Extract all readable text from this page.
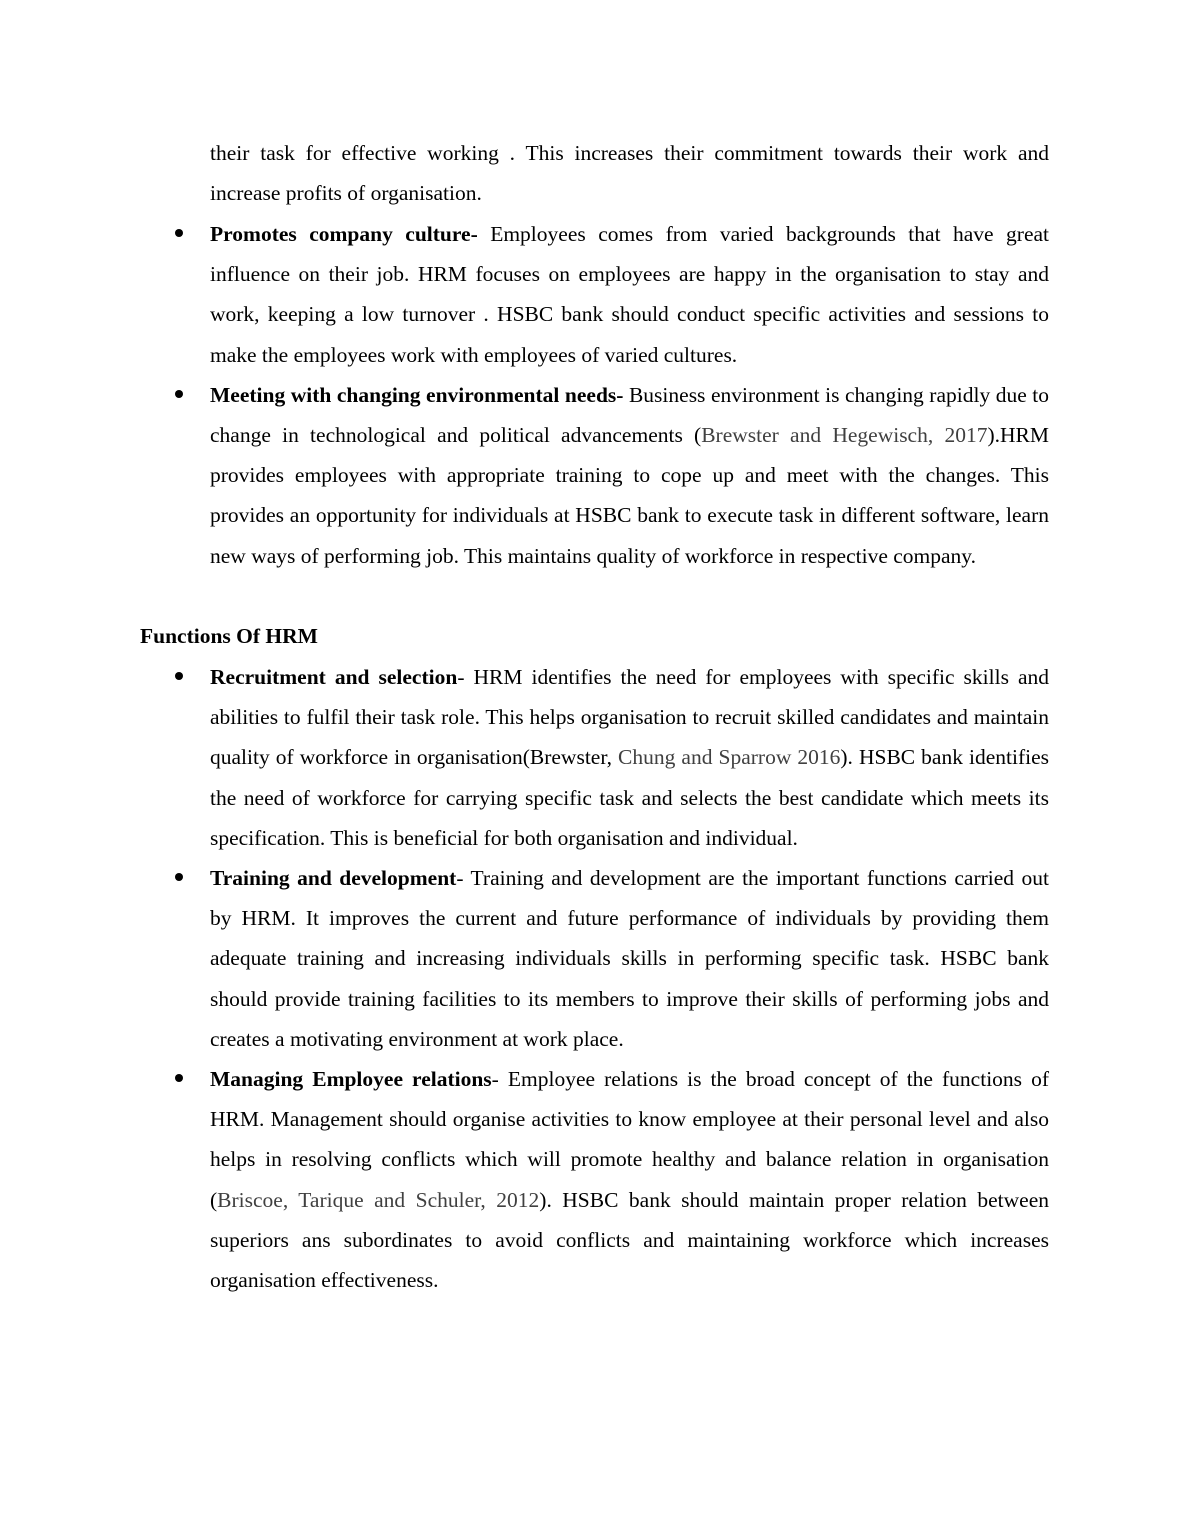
their task for effective working . This increases their commitment towards their work and increase profits of organisation.

Promotes company culture- Employees comes from varied backgrounds that have great influence on their job. HRM focuses on employees are happy in the organisation to stay and work, keeping a low turnover . HSBC bank should conduct specific activities and sessions to make the employees work with employees of varied cultures.
Meeting with changing environmental needs- Business environment is changing rapidly due to change in technological and political advancements (Brewster and Hegewisch, 2017).HRM provides employees with appropriate training to cope up and meet with the changes. This provides an opportunity for individuals at HSBC bank to execute task in different software, learn new ways of performing job. This maintains quality of workforce in respective company.
Functions Of HRM
Recruitment and selection- HRM identifies the need for employees with specific skills and abilities to fulfil their task role. This helps organisation to recruit skilled candidates and maintain quality of workforce in organisation(Brewster, Chung and Sparrow 2016). HSBC bank identifies the need of workforce for carrying specific task and selects the best candidate which meets its specification. This is beneficial for both organisation and individual.
Training and development- Training and development are the important functions carried out by HRM. It improves the current and future performance of individuals by providing them adequate training and increasing individuals skills in performing specific task. HSBC bank should provide training facilities to its members to improve their skills of performing jobs and creates a motivating environment at work place.
Managing Employee relations- Employee relations is the broad concept of the functions of HRM. Management should organise activities to know employee at their personal level and also helps in resolving conflicts which will promote healthy and balance relation in organisation (Briscoe, Tarique and Schuler, 2012). HSBC bank should maintain proper relation between superiors ans subordinates to avoid conflicts and maintaining workforce which increases organisation effectiveness.
